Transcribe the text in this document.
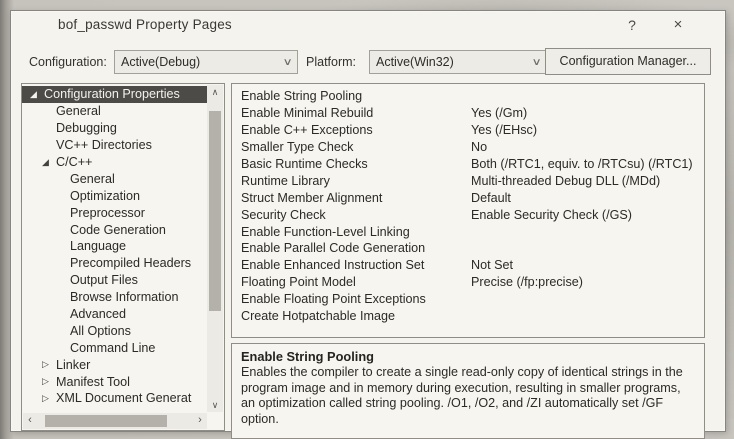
bof_passwd Property Pages	?	×
Configuration: Active(Debug)	∨ Platform: Active(Win32)	∨	Configuration Manager...
◢ Configuration Properties
General
Debugging
VC++ Directories
◢ C/C++
General
Optimization
Preprocessor
Code Generation
Language
Precompiled Headers
Output Files
Browse Information
Advanced
All Options
Command Line
▷ Linker
▷ Manifest Tool
▷ XML Document Generat
∧
∨
‹	›
Enable String Pooling
Enable Minimal Rebuild	Yes (/Gm)
Enable C++ Exceptions	Yes (/EHsc)
Smaller Type Check	No
Basic Runtime Checks	Both (/RTC1, equiv. to /RTCsu) (/RTC1)
Runtime Library	Multi-threaded Debug DLL (/MDd)
Struct Member Alignment	Default
Security Check	Enable Security Check (/GS)
Enable Function-Level Linking
Enable Parallel Code Generation
Enable Enhanced Instruction Set	Not Set
Floating Point Model	Precise (/fp:precise)
Enable Floating Point Exceptions
Create Hotpatchable Image
Enable String Pooling
Enables the compiler to create a single read-only copy of identical strings in the program image and in memory during execution, resulting in smaller programs, an optimization called string pooling. /O1, /O2, and /ZI automatically set /GF option.
